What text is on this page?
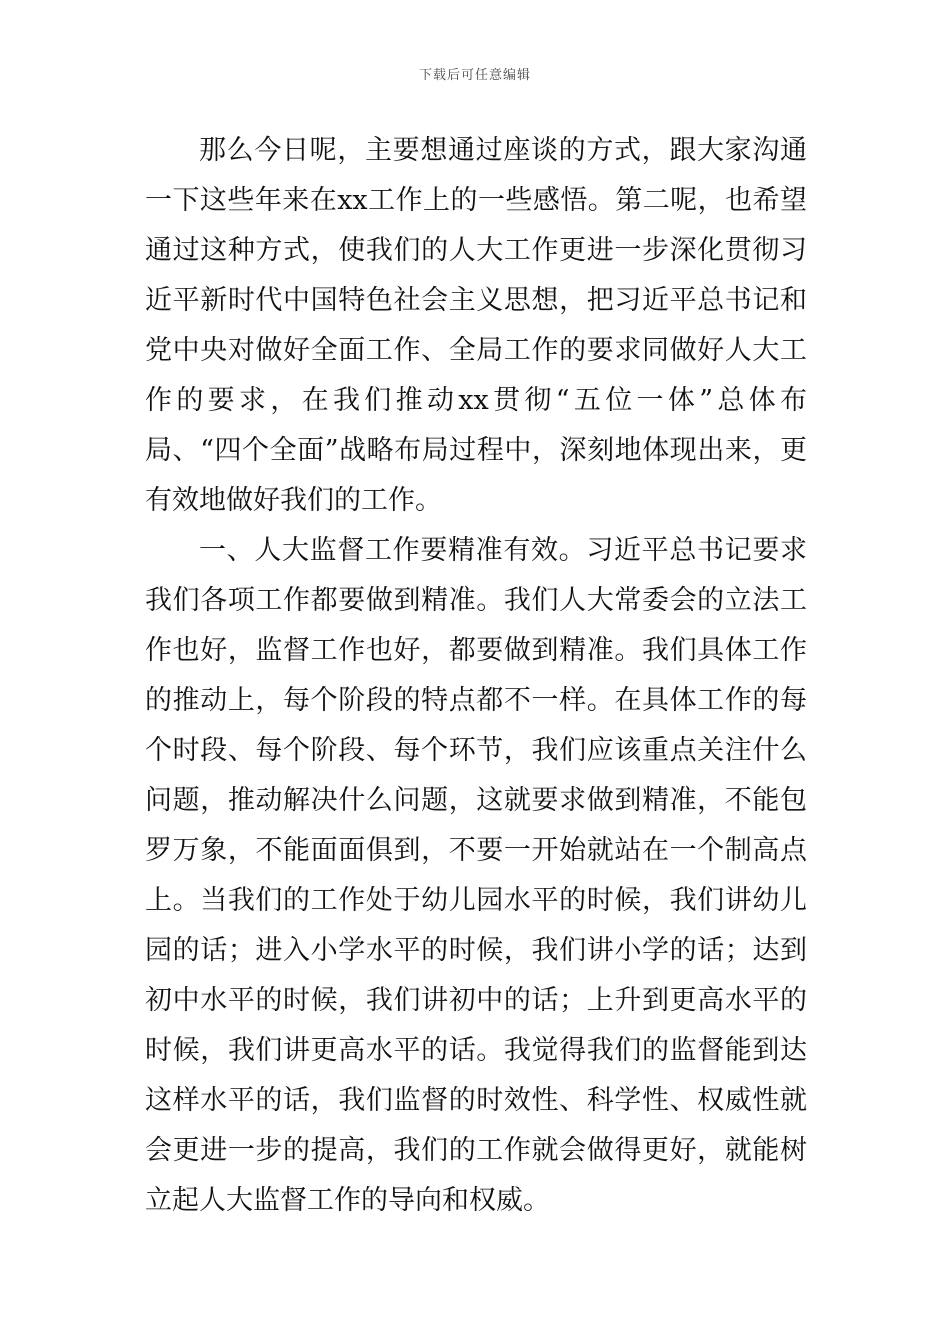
下载后可任意编辑

那么今日呢，主要想通过座谈的方式，跟大家沟通一下这些年来在xx工作上的一些感悟。第二呢，也希望通过这种方式，使我们的人大工作更进一步深化贯彻习近平新时代中国特色社会主义思想，把习近平总书记和党中央对做好全面工作、全局工作的要求同做好人大工作的要求，在我们推动xx贯彻“五位一体”总体布局、“四个全面”战略布局过程中，深刻地体现出来，更有效地做好我们的工作。

一、人大监督工作要精准有效。习近平总书记要求我们各项工作都要做到精准。我们人大常委会的立法工作也好，监督工作也好，都要做到精准。我们具体工作的推动上，每个阶段的特点都不一样。在具体工作的每个时段、每个阶段、每个环节，我们应该重点关注什么问题，推动解决什么问题，这就要求做到精准，不能包罗万象，不能面面俱到，不要一开始就站在一个制高点上。当我们的工作处于幼儿园水平的时候，我们讲幼儿园的话；进入小学水平的时候，我们讲小学的话；达到初中水平的时候，我们讲初中的话；上升到更高水平的时候，我们讲更高水平的话。我觉得我们的监督能到达这样水平的话，我们监督的时效性、科学性、权威性就会更进一步的提高，我们的工作就会做得更好，就能树立起人大监督工作的导向和权威。
